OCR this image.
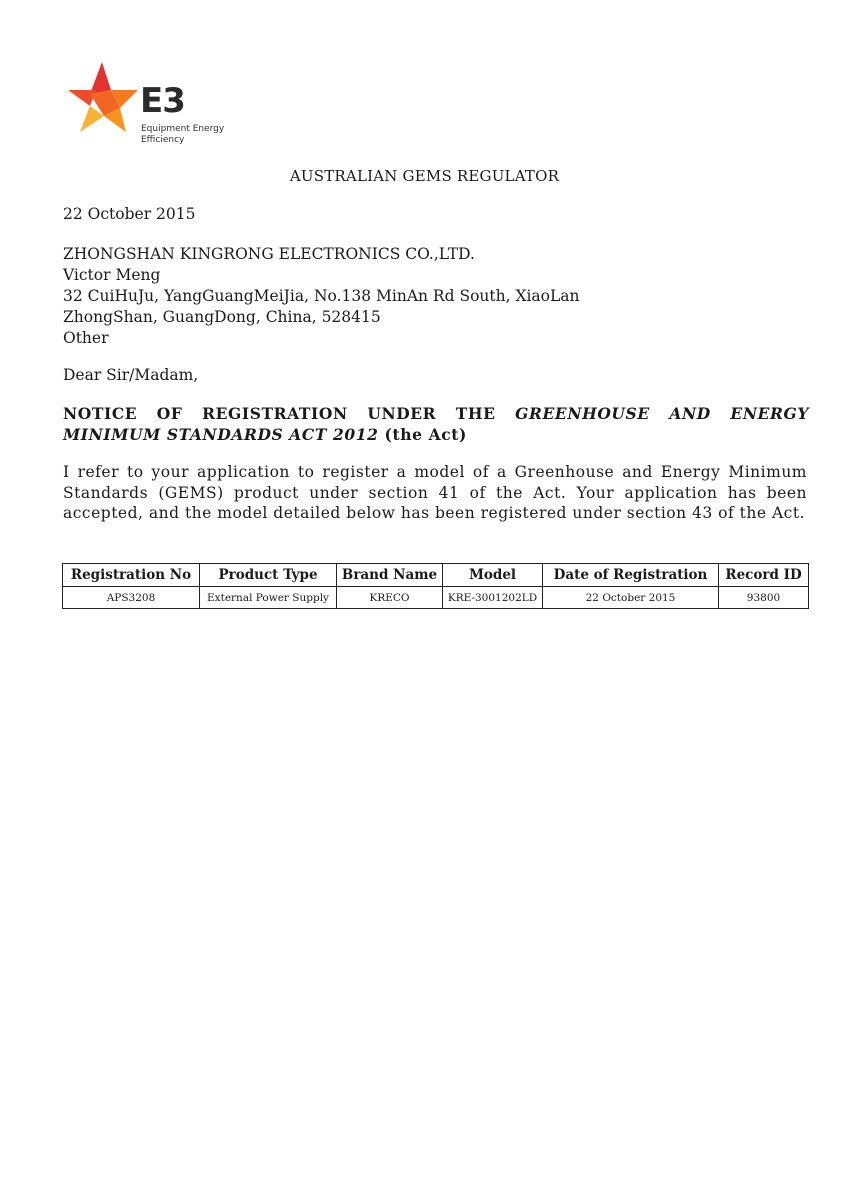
E3
Equipment Energy
Efficiency
AUSTRALIAN GEMS REGULATOR
22 October 2015
ZHONGSHAN KINGRONG ELECTRONICS CO.,LTD.
Victor Meng
32 CuiHuJu, YangGuangMeiJia, No.138 MinAn Rd South, XiaoLan
ZhongShan, GuangDong, China, 528415
Other
Dear Sir/Madam,
NOTICE OF REGISTRATION UNDER THE GREENHOUSE AND ENERGY MINIMUM STANDARDS ACT 2012 (the Act)
I refer to your application to register a model of a Greenhouse and Energy Minimum Standards (GEMS) product under section 41 of the Act. Your application has been accepted, and the model detailed below has been registered under section 43 of the Act.
Registration No	Product Type	Brand Name	Model	Date of Registration	Record ID
APS3208	External Power Supply	KRECO	KRE-3001202LD	22 October 2015	93800
